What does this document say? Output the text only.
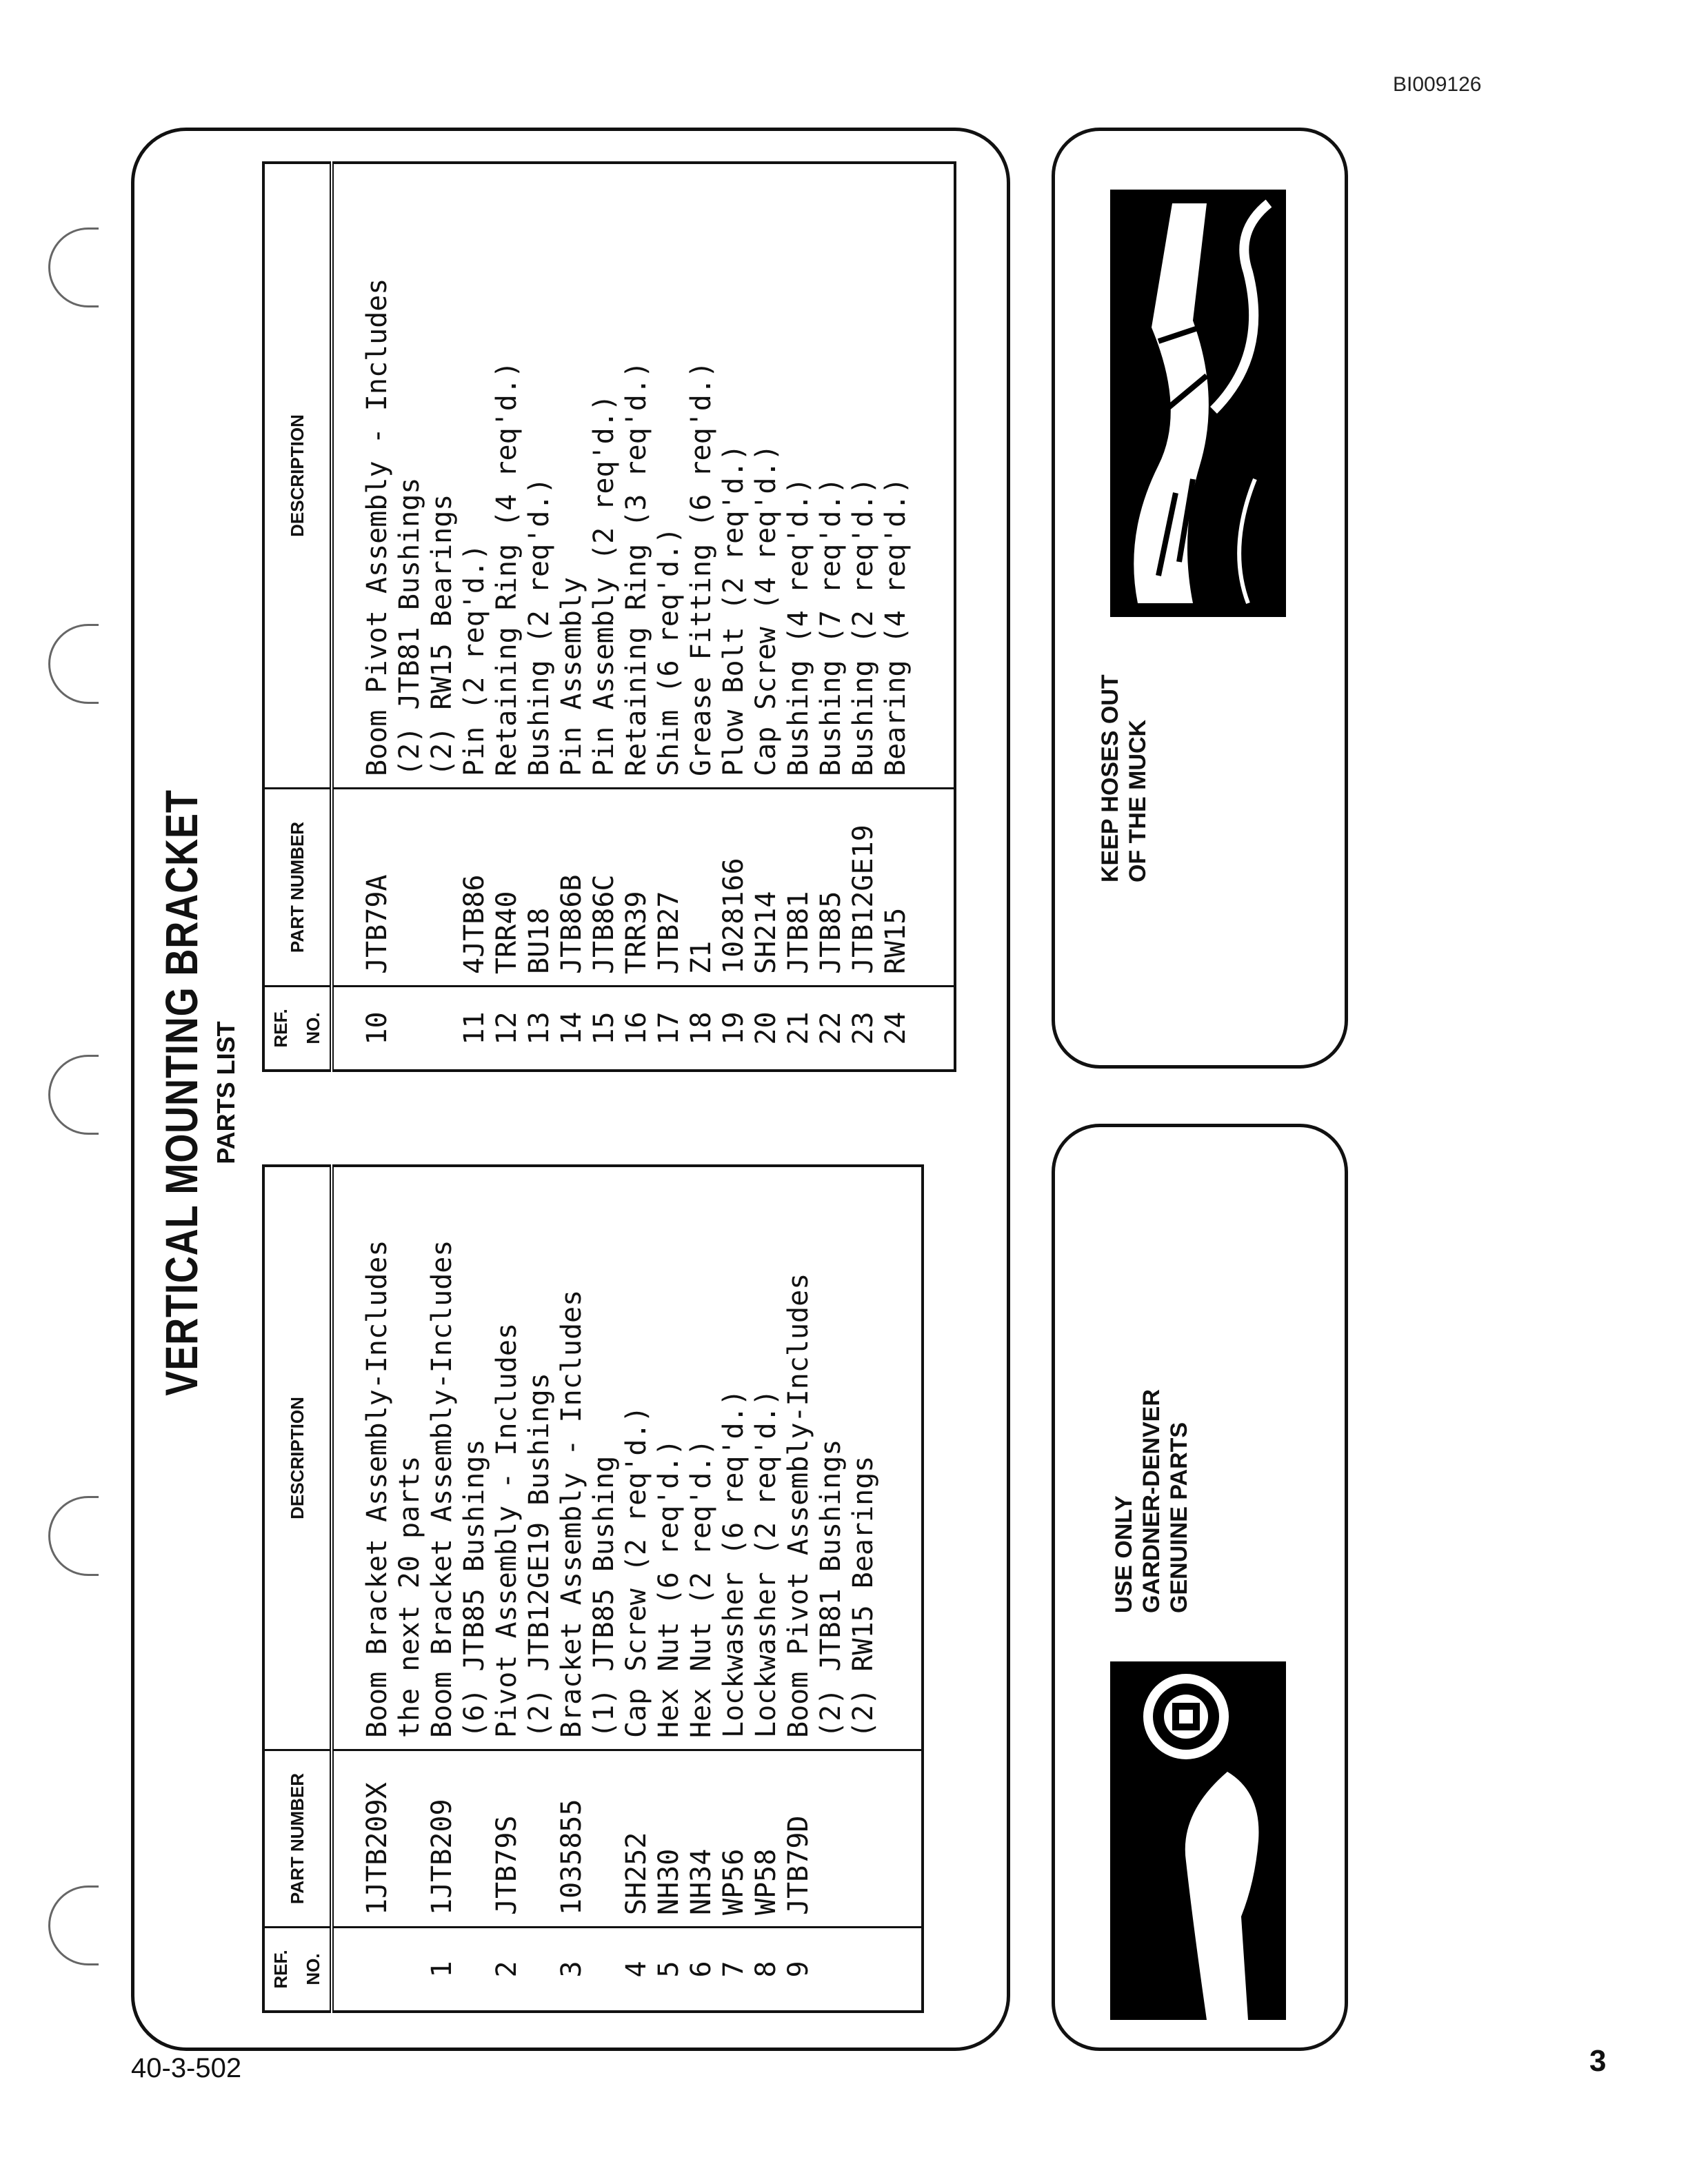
BI009126
VERTICAL MOUNTING BRACKET PARTS LIST
REF. NO.	PART NUMBER	DESCRIPTION
	1JTB209X	Boom Bracket Assembly-Includes
the next 20 parts
1	1JTB209	Boom Bracket Assembly-Includes
(6) JTB85 Bushings
2	JTB79S	Pivot Assembly - Includes
(2) JTB12GE19 Bushings
3	1035855	Bracket Assembly - Includes
(1) JTB85 Bushing
4	SH252	Cap Screw (2 req'd.)
5	NH30	Hex Nut (6 req'd.)
6	NH34	Hex Nut (2 req'd.)
7	WP56	Lockwasher (6 req'd.)
8	WP58	Lockwasher (2 req'd.)
9	JTB79D	Boom Pivot Assembly-Includes
(2) JTB81 Bushings
(2) RW15 Bearings

REF. NO.	PART NUMBER	DESCRIPTION
10	JTB79A	Boom Pivot Assembly - Includes
(2) JTB81 Bushings
(2) RW15 Bearings
11	4JTB86	Pin (2 req'd.)
12	TRR40	Retaining Ring (4 req'd.)
13	BU18	Bushing (2 req'd.)
14	JTB86B	Pin Assembly
15	JTB86C	Pin Assembly (2 req'd.)
16	TRR39	Retaining Ring (3 req'd.)
17	JTB27	Shim (6 req'd.)
18	Z1	Grease Fitting (6 req'd.)
19	1028166	Plow Bolt (2 req'd.)
20	SH214	Cap Screw (4 req'd.)
21	JTB81	Bushing (4 req'd.)
22	JTB85	Bushing (7 req'd.)
23	JTB12GE19	Bushing (2 req'd.)
24	RW15	Bearing (4 req'd.)

KEEP HOSES OUT OF THE MUCK
USE ONLY GARDNER-DENVER GENUINE PARTS
40-3-502	3
